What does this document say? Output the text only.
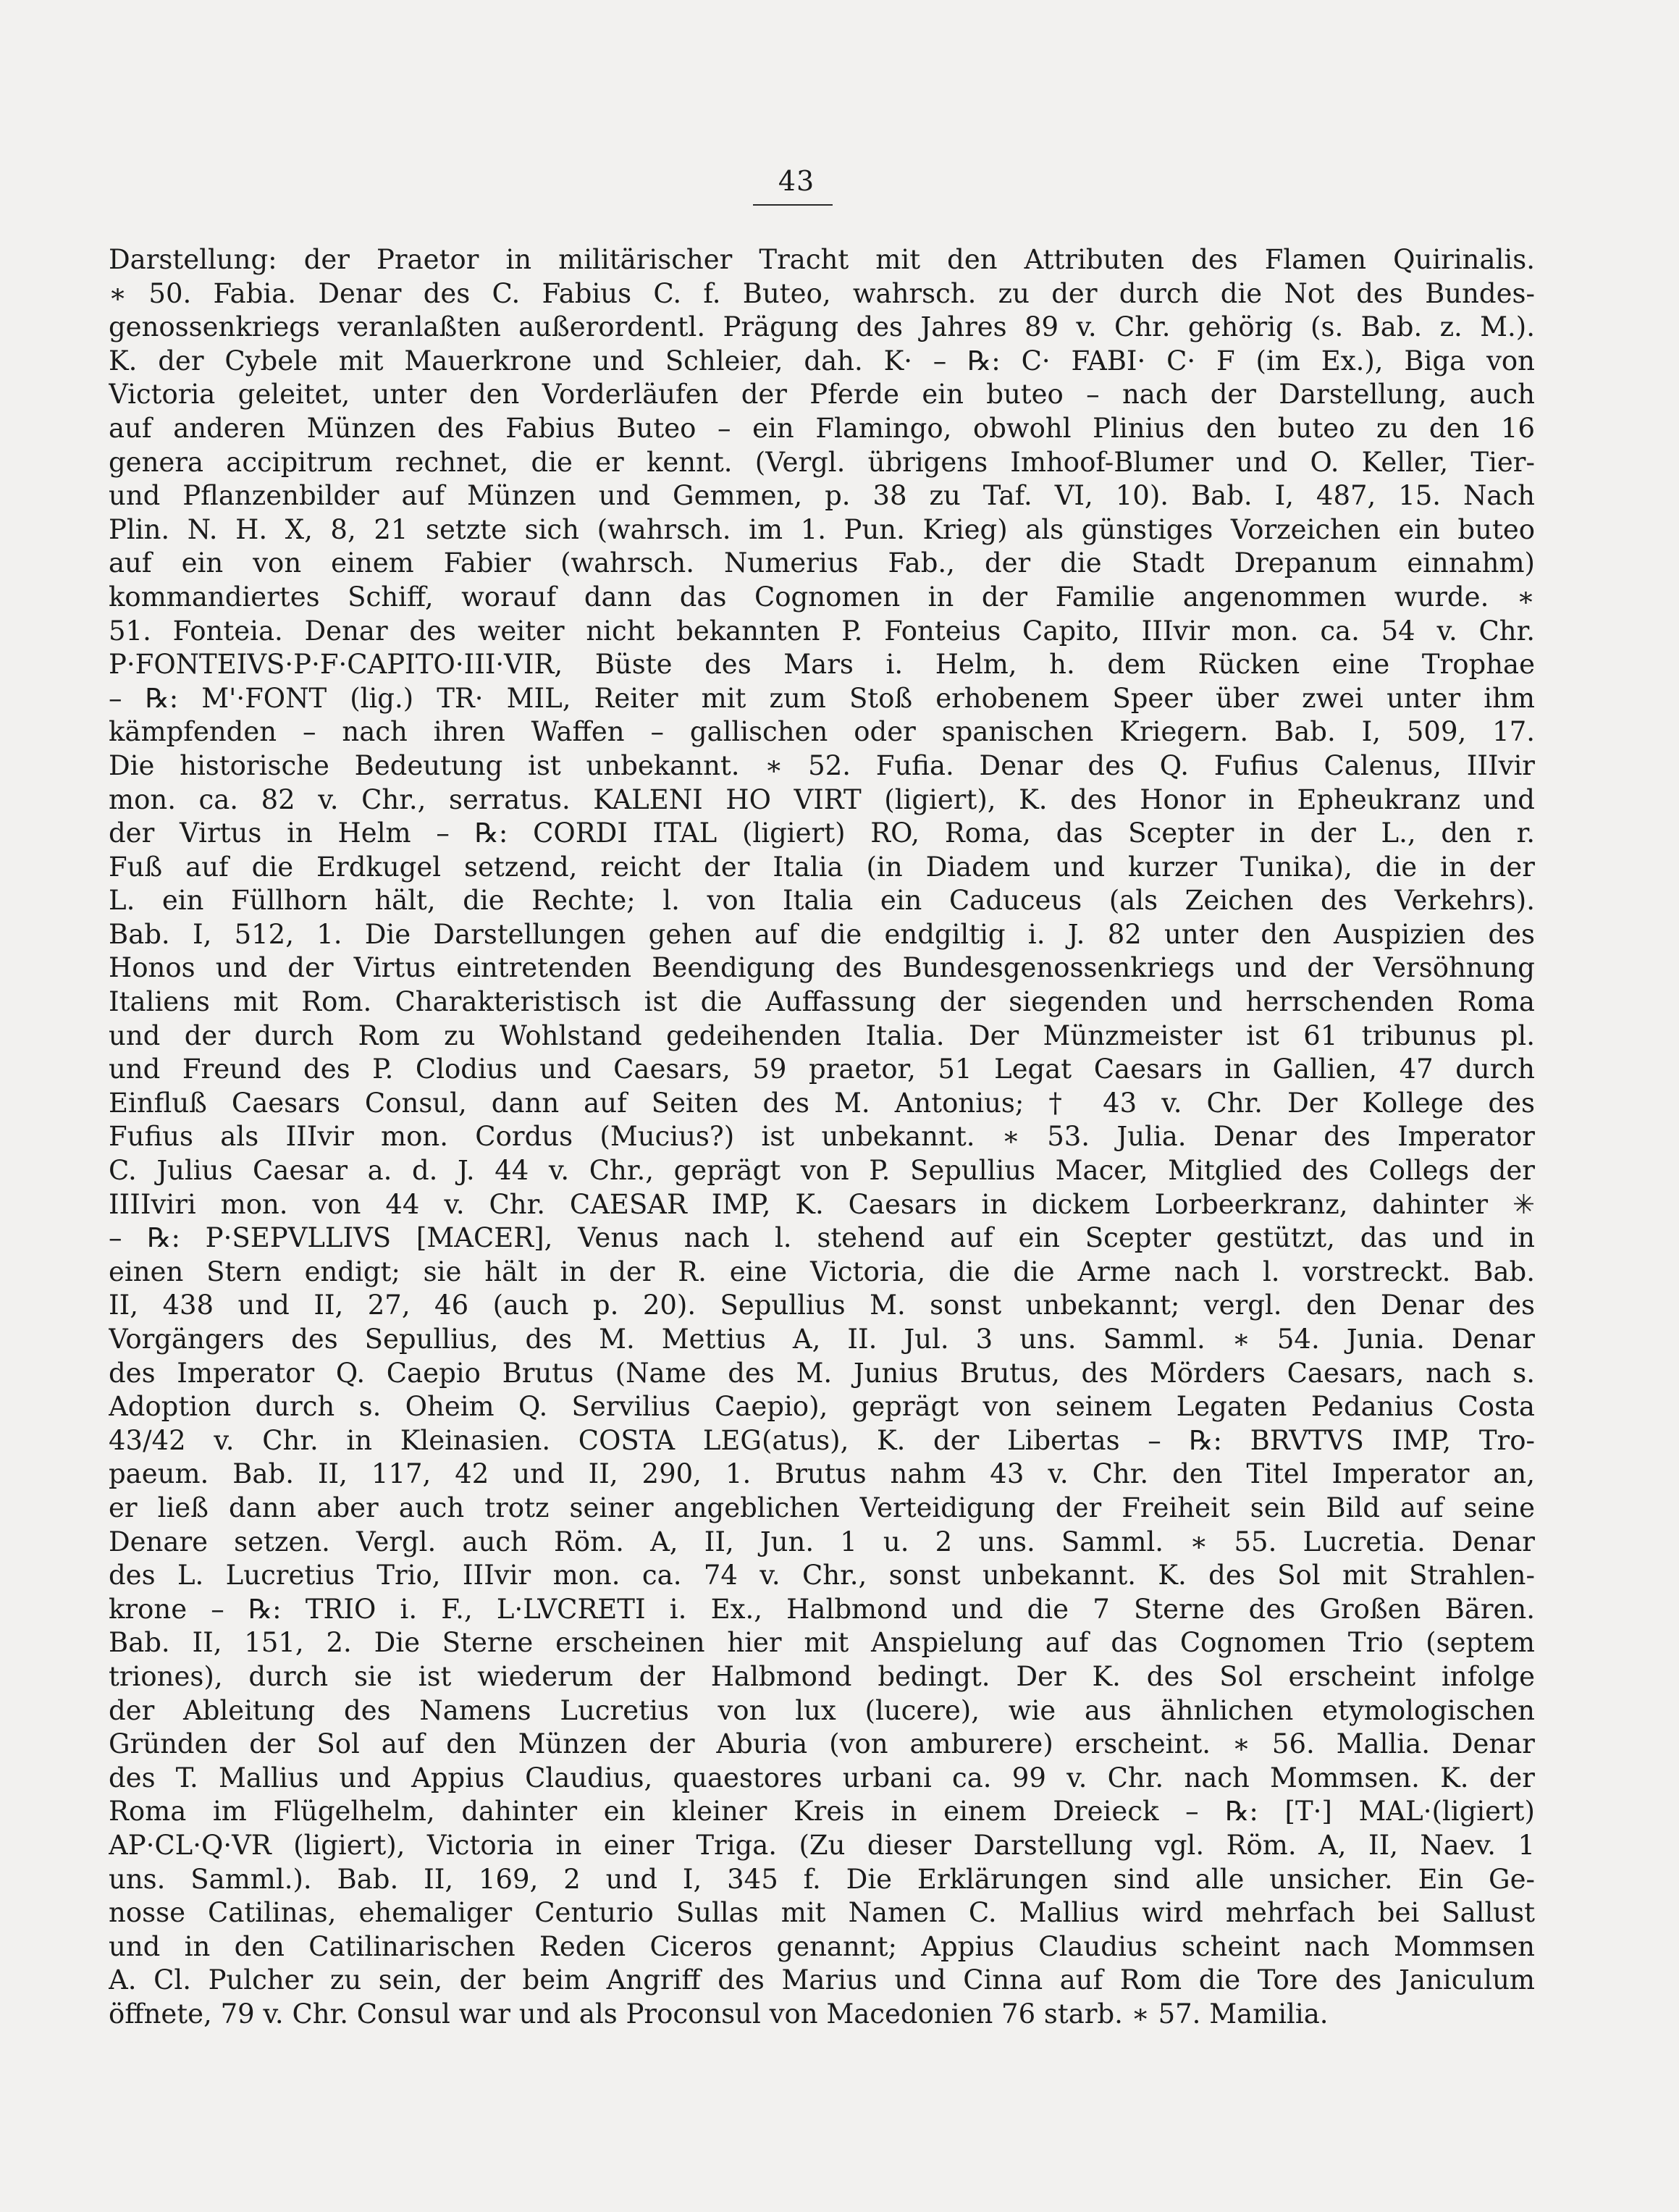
43
Darstellung: der Praetor in militärischer Tracht mit den Attributen des Flamen Quirinalis.
∗ 50. Fabia. Denar des C. Fabius C. f. Buteo, wahrsch. zu der durch die Not des Bundes-
genossenkriegs veranlaßten außerordentl. Prägung des Jahres 89 v. Chr. gehörig (s. Bab. z. M.).
K. der Cybele mit Mauerkrone und Schleier, dah. K· – ℞: C· FABI· C· F (im Ex.), Biga von
Victoria geleitet, unter den Vorderläufen der Pferde ein buteo – nach der Darstellung, auch
auf anderen Münzen des Fabius Buteo – ein Flamingo, obwohl Plinius den buteo zu den 16
genera accipitrum rechnet, die er kennt. (Vergl. übrigens Imhoof-Blumer und O. Keller, Tier-
und Pflanzenbilder auf Münzen und Gemmen, p. 38 zu Taf. VI, 10). Bab. I, 487, 15. Nach
Plin. N. H. X, 8, 21 setzte sich (wahrsch. im 1. Pun. Krieg) als günstiges Vorzeichen ein buteo
auf ein von einem Fabier (wahrsch. Numerius Fab., der die Stadt Drepanum einnahm)
kommandiertes Schiff, worauf dann das Cognomen in der Familie angenommen wurde. ∗
51. Fonteia. Denar des weiter nicht bekannten P. Fonteius Capito, IIIvir mon. ca. 54 v. Chr.
P·FONTEIVS·P·F·CAPITO·III·VIR, Büste des Mars i. Helm, h. dem Rücken eine Trophae
– ℞: M'·FONT (lig.) TR· MIL, Reiter mit zum Stoß erhobenem Speer über zwei unter ihm
kämpfenden – nach ihren Waffen – gallischen oder spanischen Kriegern. Bab. I, 509, 17.
Die historische Bedeutung ist unbekannt. ∗ 52. Fufia. Denar des Q. Fufius Calenus, IIIvir
mon. ca. 82 v. Chr., serratus. KALENI HO VIRT (ligiert), K. des Honor in Epheukranz und
der Virtus in Helm – ℞: CORDI ITAL (ligiert) RO, Roma, das Scepter in der L., den r.
Fuß auf die Erdkugel setzend, reicht der Italia (in Diadem und kurzer Tunika), die in der
L. ein Füllhorn hält, die Rechte; l. von Italia ein Caduceus (als Zeichen des Verkehrs).
Bab. I, 512, 1. Die Darstellungen gehen auf die endgiltig i. J. 82 unter den Auspizien des
Honos und der Virtus eintretenden Beendigung des Bundesgenossenkriegs und der Versöhnung
Italiens mit Rom. Charakteristisch ist die Auffassung der siegenden und herrschenden Roma
und der durch Rom zu Wohlstand gedeihenden Italia. Der Münzmeister ist 61 tribunus pl.
und Freund des P. Clodius und Caesars, 59 praetor, 51 Legat Caesars in Gallien, 47 durch
Einfluß Caesars Consul, dann auf Seiten des M. Antonius; † 43 v. Chr. Der Kollege des
Fufius als IIIvir mon. Cordus (Mucius?) ist unbekannt. ∗ 53. Julia. Denar des Imperator
C. Julius Caesar a. d. J. 44 v. Chr., geprägt von P. Sepullius Macer, Mitglied des Collegs der
IIIIviri mon. von 44 v. Chr. CAESAR IMP, K. Caesars in dickem Lorbeerkranz, dahinter ✳
– ℞: P·SEPVLLIVS [MACER], Venus nach l. stehend auf ein Scepter gestützt, das und in
einen Stern endigt; sie hält in der R. eine Victoria, die die Arme nach l. vorstreckt. Bab.
II, 438 und II, 27, 46 (auch p. 20). Sepullius M. sonst unbekannt; vergl. den Denar des
Vorgängers des Sepullius, des M. Mettius A, II. Jul. 3 uns. Samml. ∗ 54. Junia. Denar
des Imperator Q. Caepio Brutus (Name des M. Junius Brutus, des Mörders Caesars, nach s.
Adoption durch s. Oheim Q. Servilius Caepio), geprägt von seinem Legaten Pedanius Costa
43/42 v. Chr. in Kleinasien. COSTA LEG(atus), K. der Libertas – ℞: BRVTVS IMP, Tro-
paeum. Bab. II, 117, 42 und II, 290, 1. Brutus nahm 43 v. Chr. den Titel Imperator an,
er ließ dann aber auch trotz seiner angeblichen Verteidigung der Freiheit sein Bild auf seine
Denare setzen. Vergl. auch Röm. A, II, Jun. 1 u. 2 uns. Samml. ∗ 55. Lucretia. Denar
des L. Lucretius Trio, IIIvir mon. ca. 74 v. Chr., sonst unbekannt. K. des Sol mit Strahlen-
krone – ℞: TRIO i. F., L·LVCRETI i. Ex., Halbmond und die 7 Sterne des Großen Bären.
Bab. II, 151, 2. Die Sterne erscheinen hier mit Anspielung auf das Cognomen Trio (septem
triones), durch sie ist wiederum der Halbmond bedingt. Der K. des Sol erscheint infolge
der Ableitung des Namens Lucretius von lux (lucere), wie aus ähnlichen etymologischen
Gründen der Sol auf den Münzen der Aburia (von amburere) erscheint. ∗ 56. Mallia. Denar
des T. Mallius und Appius Claudius, quaestores urbani ca. 99 v. Chr. nach Mommsen. K. der
Roma im Flügelhelm, dahinter ein kleiner Kreis in einem Dreieck – ℞: [T·] MAL·(ligiert)
AP·CL·Q·VR (ligiert), Victoria in einer Triga. (Zu dieser Darstellung vgl. Röm. A, II, Naev. 1
uns. Samml.). Bab. II, 169, 2 und I, 345 f. Die Erklärungen sind alle unsicher. Ein Ge-
nosse Catilinas, ehemaliger Centurio Sullas mit Namen C. Mallius wird mehrfach bei Sallust
und in den Catilinarischen Reden Ciceros genannt; Appius Claudius scheint nach Mommsen
A. Cl. Pulcher zu sein, der beim Angriff des Marius und Cinna auf Rom die Tore des Janiculum
öffnete, 79 v. Chr. Consul war und als Proconsul von Macedonien 76 starb. ∗ 57. Mamilia.
